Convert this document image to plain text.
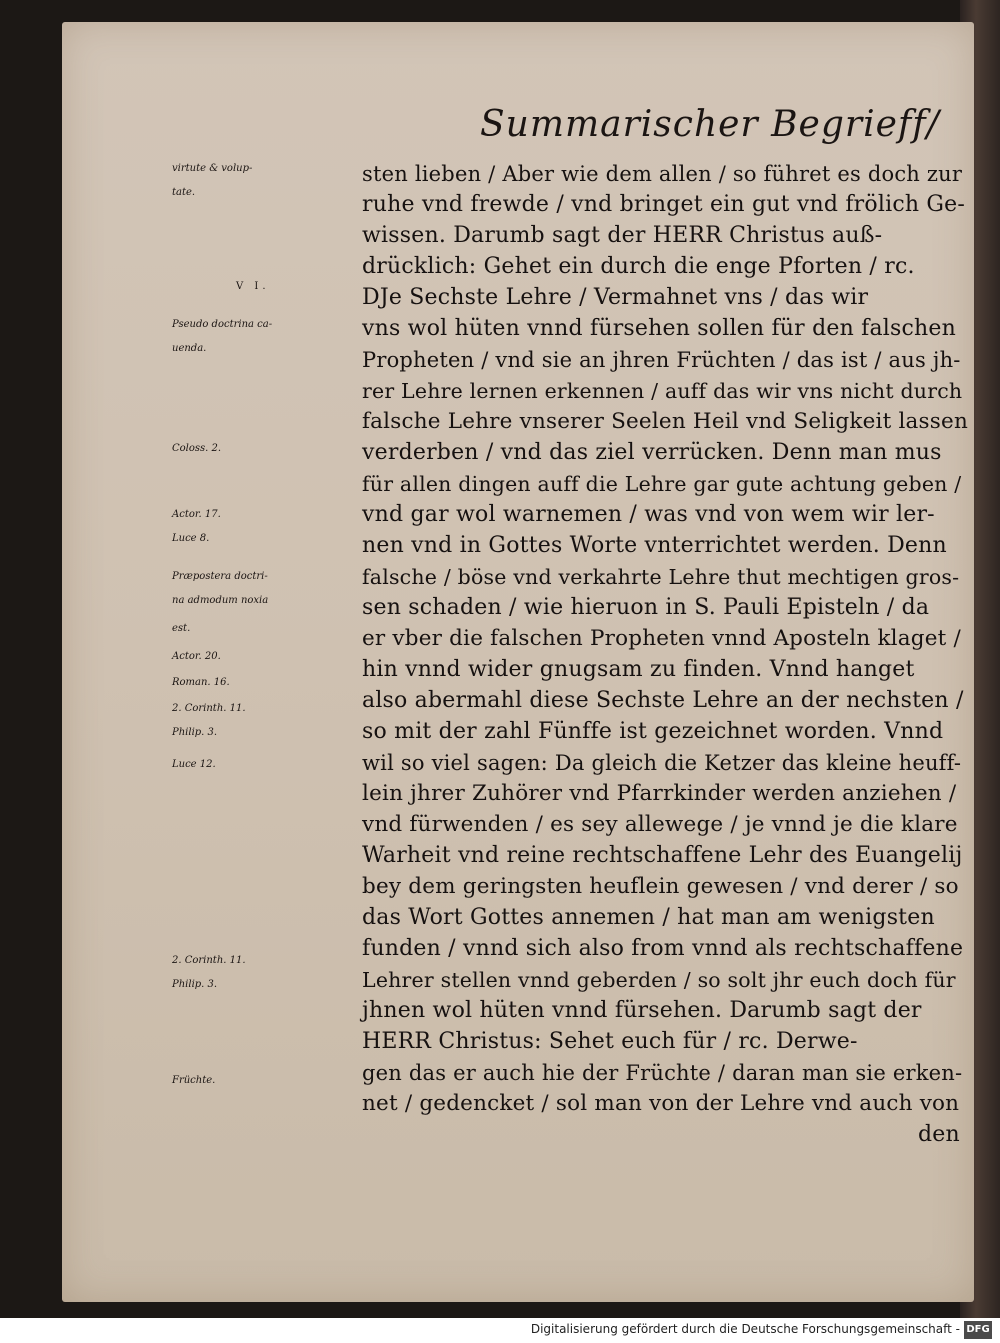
Summarischer Begrieff/
virtute & volup-
tate.
V I.
Pseudo doctrina ca-
uenda.
Coloss. 2.
Actor. 17.
Luce 8.
Præpostera doctri-
na admodum noxia
est.
Actor. 20.
Roman. 16.
2. Corinth. 11.
Philip. 3.
Luce 12.
2. Corinth. 11.
Philip. 3.
Früchte.
sten lieben / Aber wie dem allen / so führet es doch zur
ruhe vnd frewde / vnd bringet ein gut vnd frölich Ge-
wissen. Darumb sagt der HERR Christus auß-
drücklich: Gehet ein durch die enge Pforten / rc.
DJe Sechste Lehre / Vermahnet vns / das wir
vns wol hüten vnnd fürsehen sollen für den falschen
Propheten / vnd sie an jhren Früchten / das ist / aus jh-
rer Lehre lernen erkennen / auff das wir vns nicht durch
falsche Lehre vnserer Seelen Heil vnd Seligkeit lassen
verderben / vnd das ziel verrücken. Denn man mus
für allen dingen auff die Lehre gar gute achtung geben /
vnd gar wol warnemen / was vnd von wem wir ler-
nen vnd in Gottes Worte vnterrichtet werden. Denn
falsche / böse vnd verkahrte Lehre thut mechtigen gros-
sen schaden / wie hieruon in S. Pauli Episteln / da
er vber die falschen Propheten vnnd Aposteln klaget /
hin vnnd wider gnugsam zu finden. Vnnd hanget
also abermahl diese Sechste Lehre an der nechsten /
so mit der zahl Fünffe ist gezeichnet worden. Vnnd
wil so viel sagen: Da gleich die Ketzer das kleine heuff-
lein jhrer Zuhörer vnd Pfarrkinder werden anziehen /
vnd fürwenden / es sey allewege / je vnnd je die klare
Warheit vnd reine rechtschaffene Lehr des Euangelij
bey dem geringsten heuflein gewesen / vnd derer / so
das Wort Gottes annemen / hat man am wenigsten
funden / vnnd sich also from vnnd als rechtschaffene
Lehrer stellen vnnd geberden / so solt jhr euch doch für
jhnen wol hüten vnnd fürsehen. Darumb sagt der
HERR Christus: Sehet euch für / rc. Derwe-
gen das er auch hie der Früchte / daran man sie erken-
net / gedencket / sol man von der Lehre vnd auch von
den
Digitalisierung gefördert durch die Deutsche Forschungsgemeinschaft - DFG
